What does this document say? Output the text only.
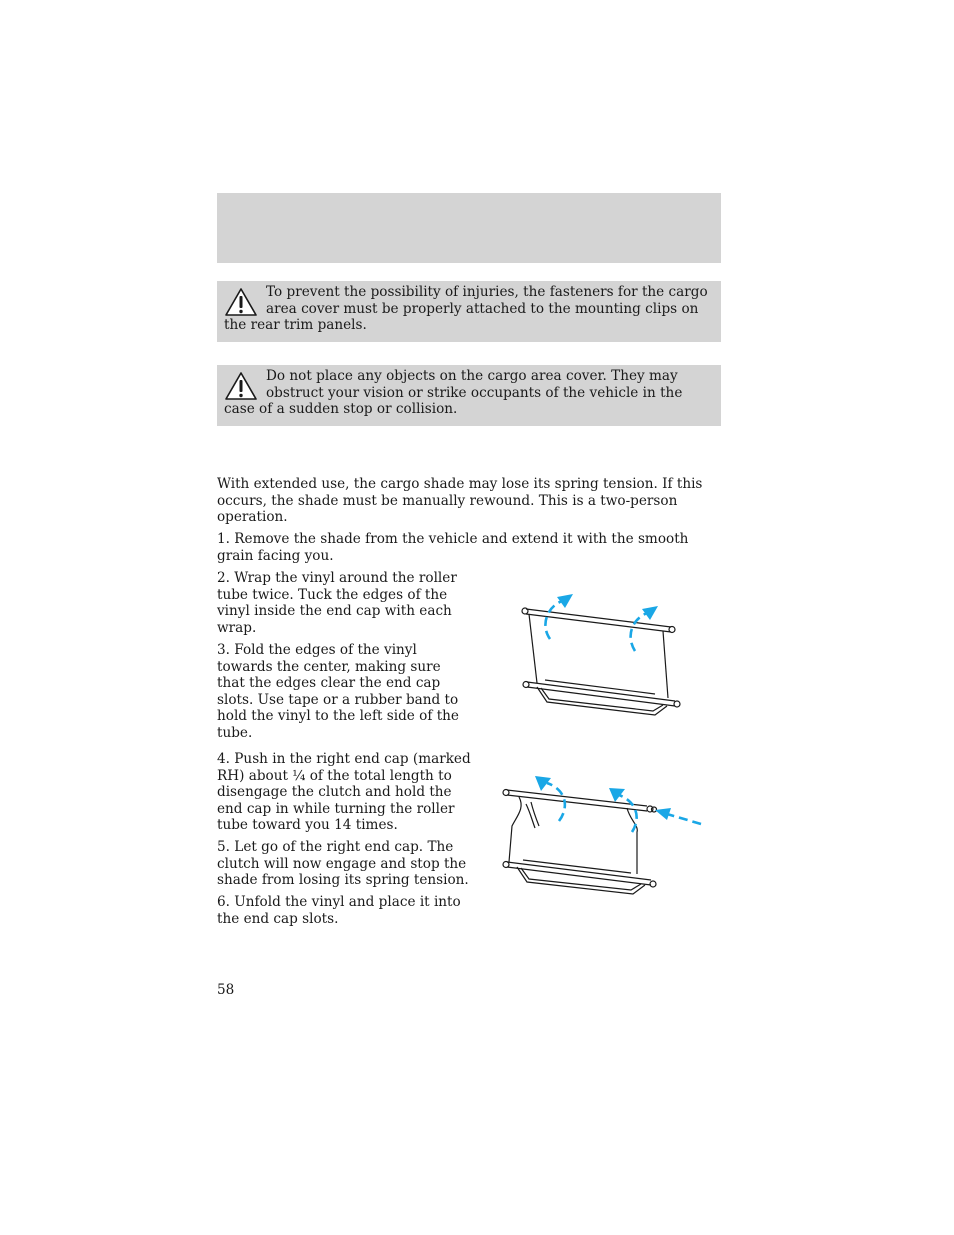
To prevent the possibility of injuries, the fasteners for the cargo area cover must be properly attached to the mounting clips on the rear trim panels.
Do not place any objects on the cargo area cover. They may obstruct your vision or strike occupants of the vehicle in the case of a sudden stop or collision.

With extended use, the cargo shade may lose its spring tension. If this occurs, the shade must be manually rewound. This is a two-person operation.

1. Remove the shade from the vehicle and extend it with the smooth grain facing you.

2. Wrap the vinyl around the roller tube twice. Tuck the edges of the vinyl inside the end cap with each wrap.

3. Fold the edges of the vinyl towards the center, making sure that the edges clear the end cap slots. Use tape or a rubber band to hold the vinyl to the left side of the tube.

4. Push in the right end cap (marked RH) about ¼ of the total length to disengage the clutch and hold the end cap in while turning the roller tube toward you 14 times.

5. Let go of the right end cap. The clutch will now engage and stop the shade from losing its spring tension.

6. Unfold the vinyl and place it into the end cap slots.

58
